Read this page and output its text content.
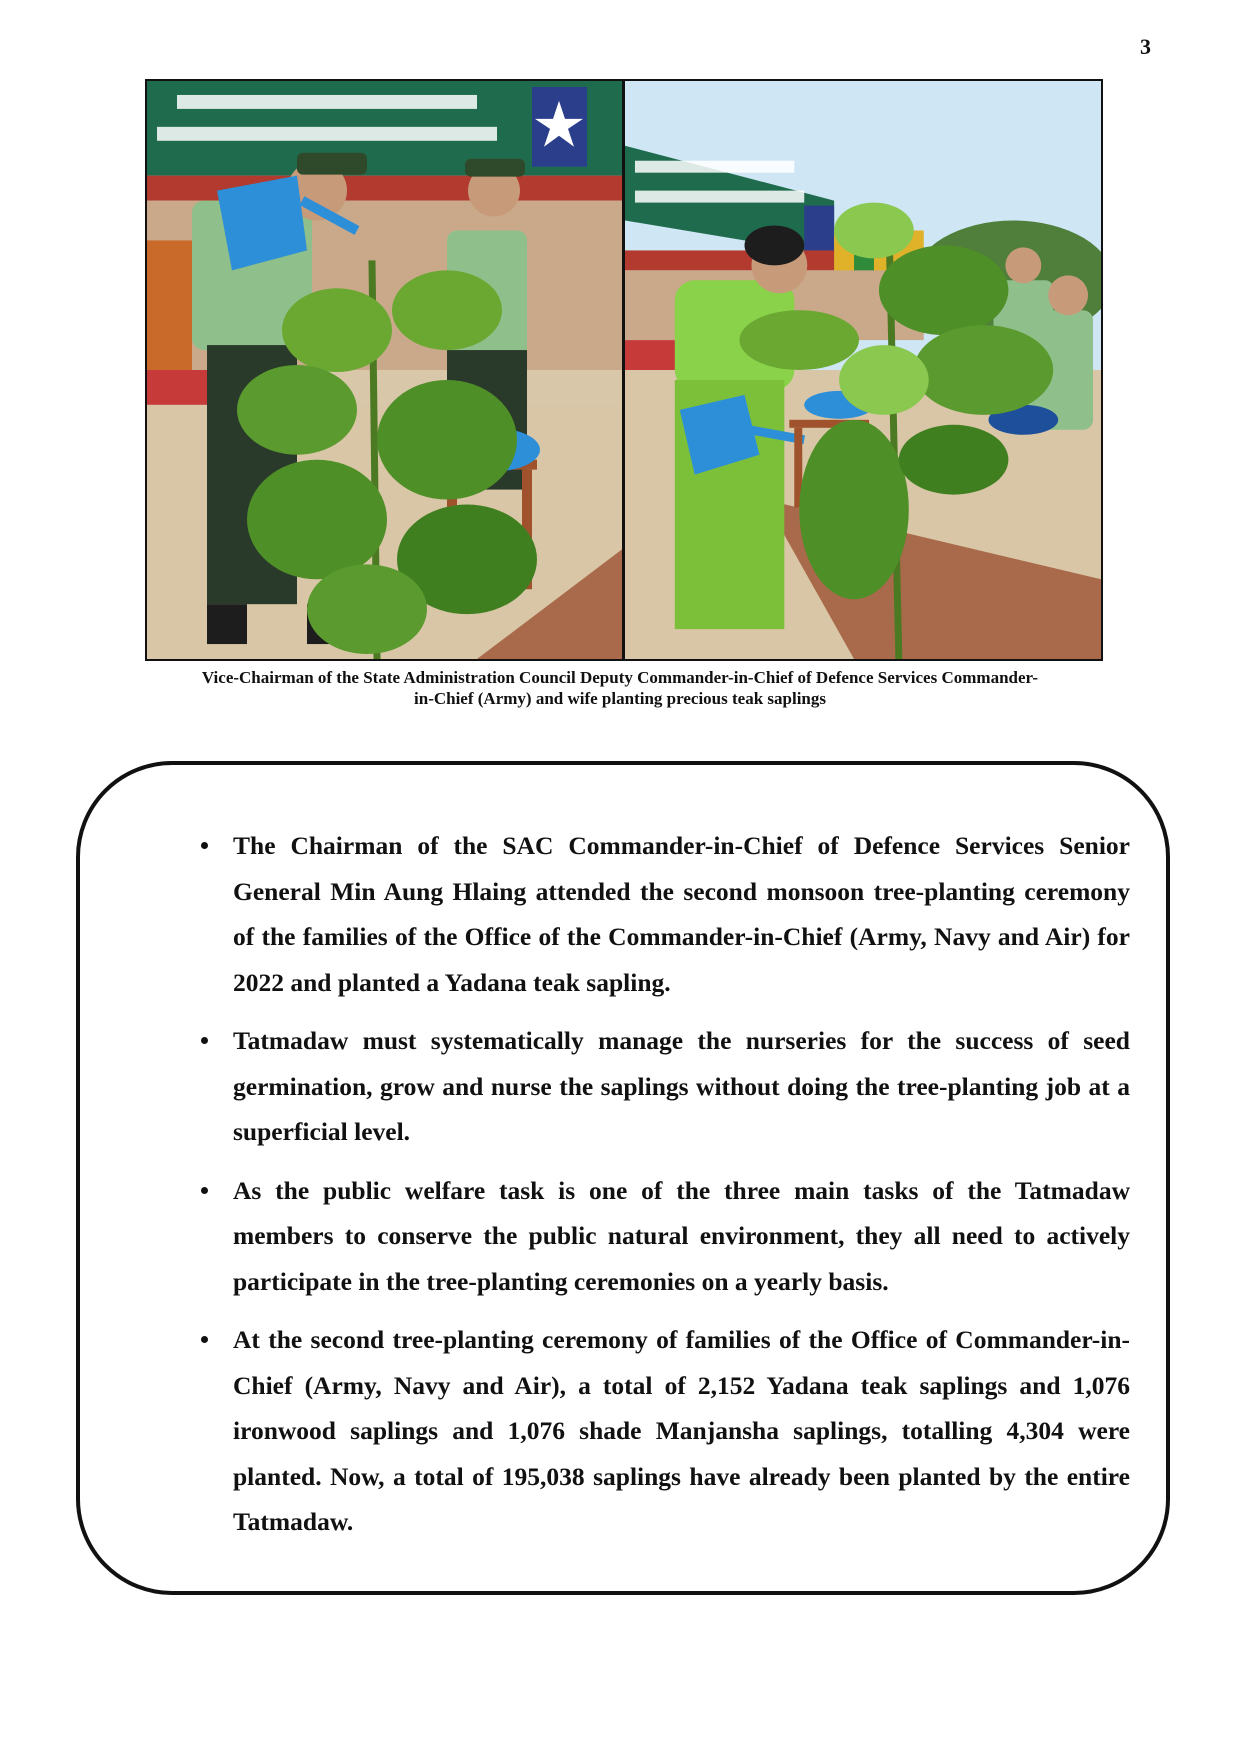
3
Vice-Chairman of the State Administration Council Deputy Commander-in-Chief of Defence Services Commander-
in-Chief (Army) and wife planting precious teak saplings
The Chairman of the SAC Commander-in-Chief of Defence Services Senior General Min Aung Hlaing attended the second monsoon tree-planting ceremony of the families of the Office of the Commander-in-Chief (Army, Navy and Air) for 2022 and planted a Yadana teak sapling.
Tatmadaw must systematically manage the nurseries for the success of seed germination, grow and nurse the saplings without doing the tree-planting job at a superficial level.
As the public welfare task is one of the three main tasks of the Tatmadaw members to conserve the public natural environment, they all need to actively participate in the tree-planting ceremonies on a yearly basis.
At the second tree-planting ceremony of families of the Office of Commander-in-Chief (Army, Navy and Air), a total of 2,152 Yadana teak saplings and 1,076 ironwood saplings and 1,076 shade Manjansha saplings, totalling 4,304 were planted. Now, a total of 195,038 saplings have already been planted by the entire Tatmadaw.
